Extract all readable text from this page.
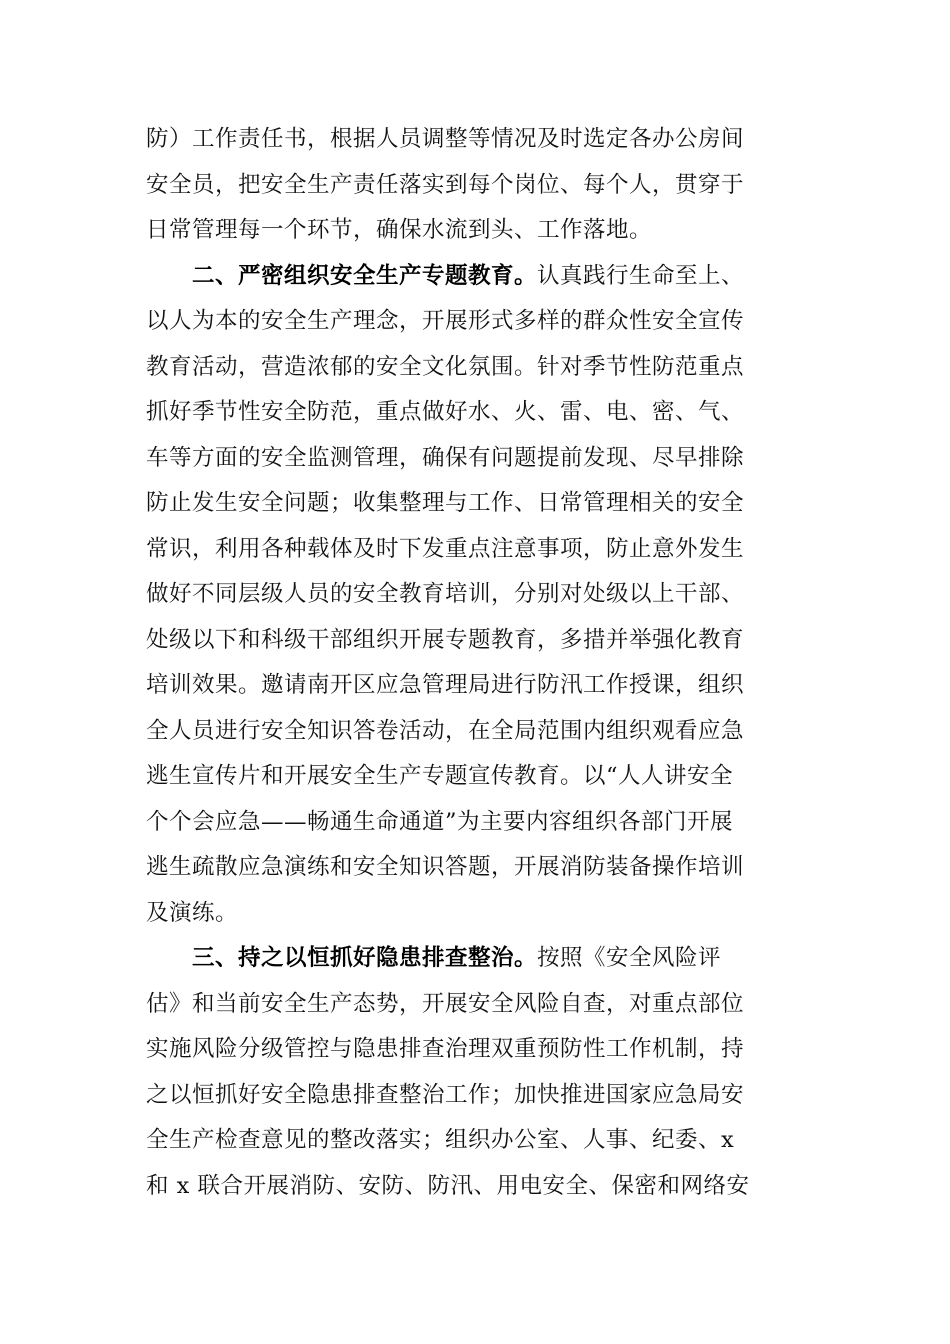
防）工作责任书，根据人员调整等情况及时选定各办公房间
安全员，把安全生产责任落实到每个岗位、每个人，贯穿于
日常管理每一个环节，确保水流到头、工作落地。
二、严密组织安全生产专题教育。认真践行生命至上、
以人为本的安全生产理念，开展形式多样的群众性安全宣传
教育活动，营造浓郁的安全文化氛围。针对季节性防范重点
抓好季节性安全防范，重点做好水、火、雷、电、密、气、
车等方面的安全监测管理，确保有问题提前发现、尽早排除
防止发生安全问题；收集整理与工作、日常管理相关的安全
常识，利用各种载体及时下发重点注意事项，防止意外发生
做好不同层级人员的安全教育培训，分别对处级以上干部、
处级以下和科级干部组织开展专题教育，多措并举强化教育
培训效果。邀请南开区应急管理局进行防汛工作授课，组织
全人员进行安全知识答卷活动，在全局范围内组织观看应急
逃生宣传片和开展安全生产专题宣传教育。以“人人讲安全
个个会应急——畅通生命通道”为主要内容组织各部门开展
逃生疏散应急演练和安全知识答题，开展消防装备操作培训
及演练。
三、持之以恒抓好隐患排查整治。按照《安全风险评
估》和当前安全生产态势，开展安全风险自查，对重点部位
实施风险分级管控与隐患排查治理双重预防性工作机制，持
之以恒抓好安全隐患排查整治工作；加快推进国家应急局安
全生产检查意见的整改落实；组织办公室、人事、纪委、x
和 x 联合开展消防、安防、防汛、用电安全、保密和网络安
